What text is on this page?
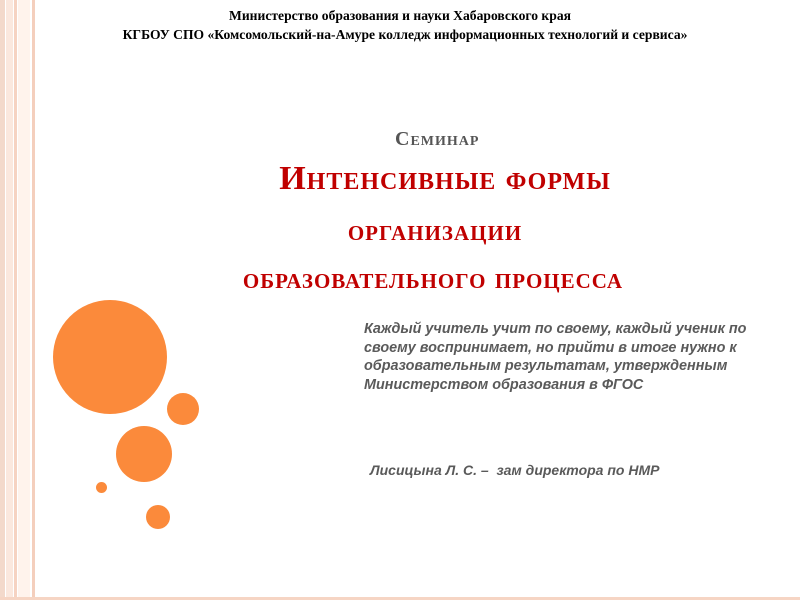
Министерство образования и науки Хабаровского края

КГБОУ СПО «Комсомольский-на-Амуре колледж информационных технологий и сервиса»
Семинар
Интенсивные формы
организации
образовательного процесса
Каждый учитель учит по своему, каждый ученик по своему воспринимает, но прийти в итоге нужно к образовательным результатам, утвержденным Министерством образования в ФГОС
Лисицына Л. С. –  зам директора по НМР
